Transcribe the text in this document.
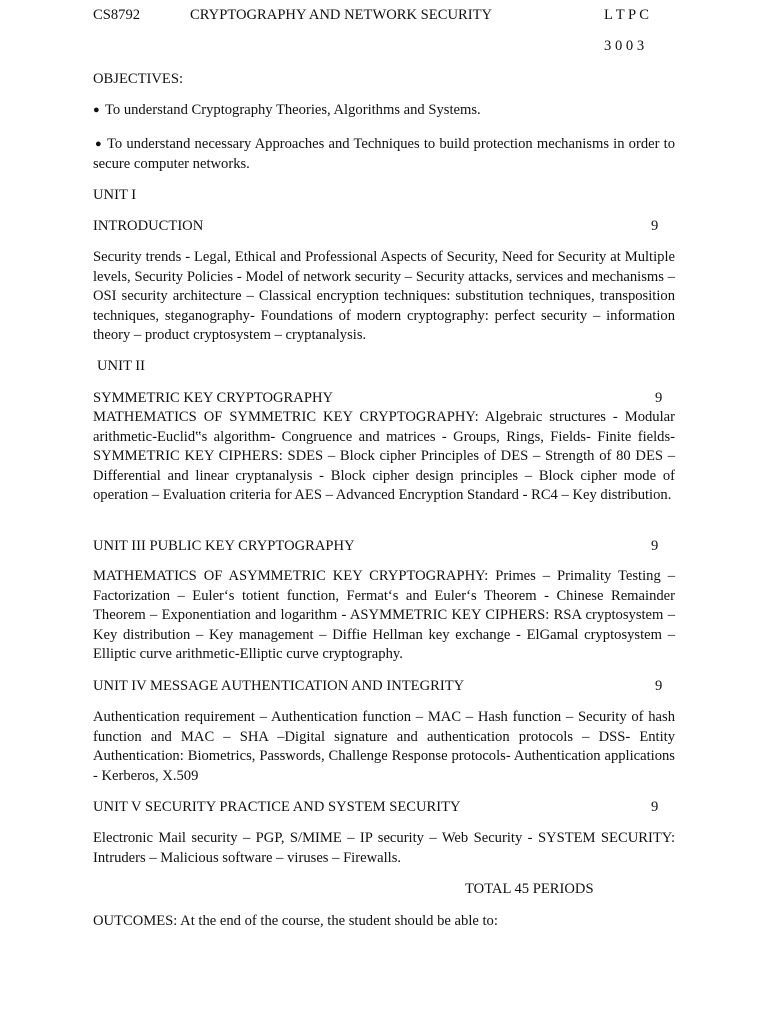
CS8792	CRYPTOGRAPHY AND NETWORK SECURITY	L T P C
3 0 0 3
OBJECTIVES:
● To understand Cryptography Theories, Algorithms and Systems.
● To understand necessary Approaches and Techniques to build protection mechanisms in order to secure computer networks.
UNIT I
INTRODUCTION	9

Security trends - Legal, Ethical and Professional Aspects of Security, Need for Security at Multiple levels, Security Policies - Model of network security – Security attacks, services and mechanisms – OSI security architecture – Classical encryption techniques: substitution techniques, transposition techniques, steganography- Foundations of modern cryptography: perfect security – information theory – product cryptosystem – cryptanalysis.

UNIT II
SYMMETRIC KEY CRYPTOGRAPHY	9

MATHEMATICS OF SYMMETRIC KEY CRYPTOGRAPHY: Algebraic structures - Modular arithmetic-Euclid‟s algorithm- Congruence and matrices - Groups, Rings, Fields- Finite fields- SYMMETRIC KEY CIPHERS: SDES – Block cipher Principles of DES – Strength of 80 DES – Differential and linear cryptanalysis - Block cipher design principles – Block cipher mode of operation – Evaluation criteria for AES – Advanced Encryption Standard - RC4 – Key distribution.

UNIT III PUBLIC KEY CRYPTOGRAPHY	9

MATHEMATICS OF ASYMMETRIC KEY CRYPTOGRAPHY: Primes – Primality Testing – Factorization – Euler‘s totient function, Fermat‘s and Euler‘s Theorem - Chinese Remainder Theorem – Exponentiation and logarithm - ASYMMETRIC KEY CIPHERS: RSA cryptosystem – Key distribution – Key management – Diffie Hellman key exchange - ElGamal cryptosystem – Elliptic curve arithmetic-Elliptic curve cryptography.

UNIT IV MESSAGE AUTHENTICATION AND INTEGRITY	9

Authentication requirement – Authentication function – MAC – Hash function – Security of hash function and MAC – SHA –Digital signature and authentication protocols – DSS- Entity Authentication: Biometrics, Passwords, Challenge Response protocols- Authentication applications - Kerberos, X.509

UNIT V SECURITY PRACTICE AND SYSTEM SECURITY	9

Electronic Mail security – PGP, S/MIME – IP security – Web Security - SYSTEM SECURITY: Intruders – Malicious software – viruses – Firewalls.

TOTAL 45 PERIODS
OUTCOMES: At the end of the course, the student should be able to:
